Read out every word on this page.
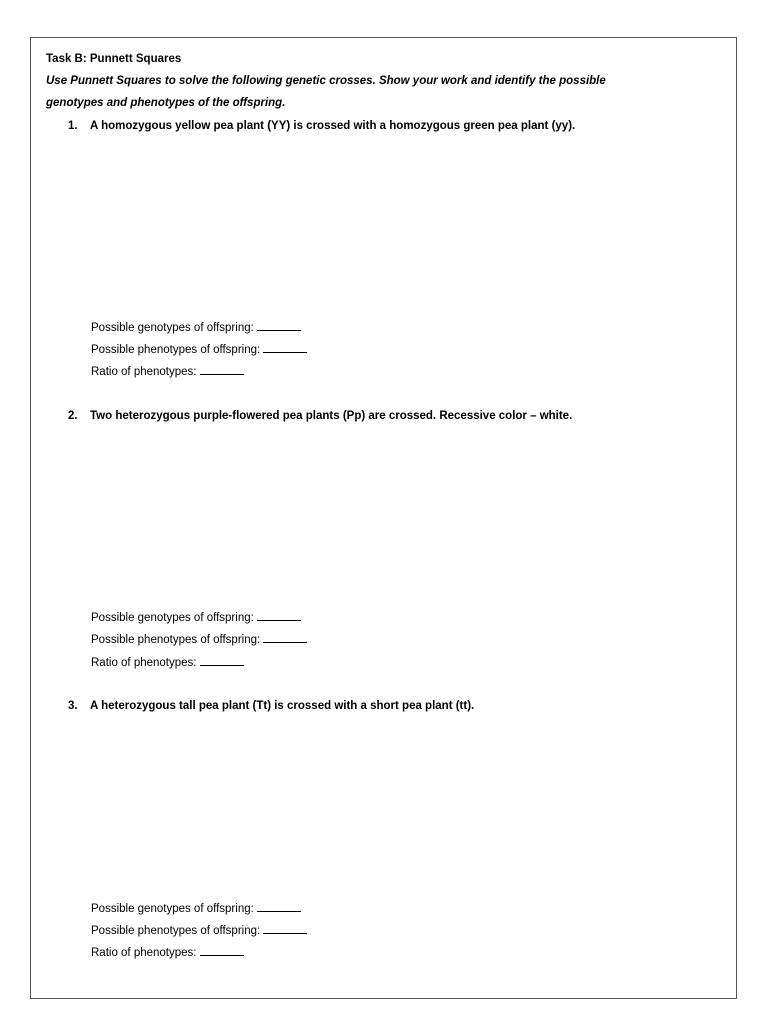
Task B: Punnett Squares
Use Punnett Squares to solve the following genetic crosses. Show your work and identify the possible
genotypes and phenotypes of the offspring.
1. A homozygous yellow pea plant (YY) is crossed with a homozygous green pea plant (yy).
Possible genotypes of offspring:
Possible phenotypes of offspring:
Ratio of phenotypes:
2. Two heterozygous purple-flowered pea plants (Pp) are crossed. Recessive color – white.
Possible genotypes of offspring:
Possible phenotypes of offspring:
Ratio of phenotypes:
3. A heterozygous tall pea plant (Tt) is crossed with a short pea plant (tt).
Possible genotypes of offspring:
Possible phenotypes of offspring:
Ratio of phenotypes:
